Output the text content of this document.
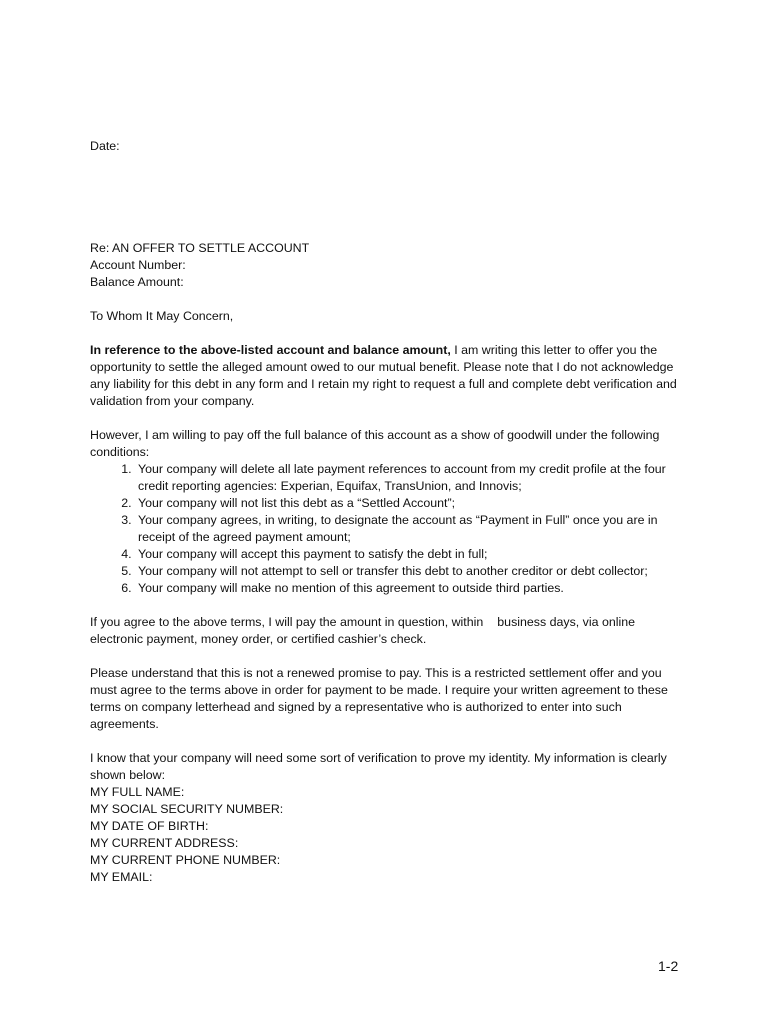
Date:

Re: AN OFFER TO SETTLE ACCOUNT

Account Number:

Balance Amount:

To Whom It May Concern,

In reference to the above-listed account and balance amount, I am writing this letter to offer you the opportunity to settle the alleged amount owed to our mutual benefit. Please note that I do not acknowledge any liability for this debt in any form and I retain my right to request a full and complete debt verification and validation from your company.

However, I am willing to pay off the full balance of this account as a show of goodwill under the following conditions:

1. Your company will delete all late payment references to account from my credit profile at the four credit reporting agencies: Experian, Equifax, TransUnion, and Innovis;
2. Your company will not list this debt as a “Settled Account”;
3. Your company agrees, in writing, to designate the account as “Payment in Full” once you are in receipt of the agreed payment amount;
4. Your company will accept this payment to satisfy the debt in full;
5. Your company will not attempt to sell or transfer this debt to another creditor or debt collector;
6. Your company will make no mention of this agreement to outside third parties.

If you agree to the above terms, I will pay the amount in question, within business days, via online electronic payment, money order, or certified cashier’s check.

Please understand that this is not a renewed promise to pay. This is a restricted settlement offer and you must agree to the terms above in order for payment to be made. I require your written agreement to these terms on company letterhead and signed by a representative who is authorized to enter into such agreements.

I know that your company will need some sort of verification to prove my identity. My information is clearly shown below:

MY FULL NAME:

MY SOCIAL SECURITY NUMBER:

MY DATE OF BIRTH:

MY CURRENT ADDRESS:

MY CURRENT PHONE NUMBER:

MY EMAIL:

1-2
